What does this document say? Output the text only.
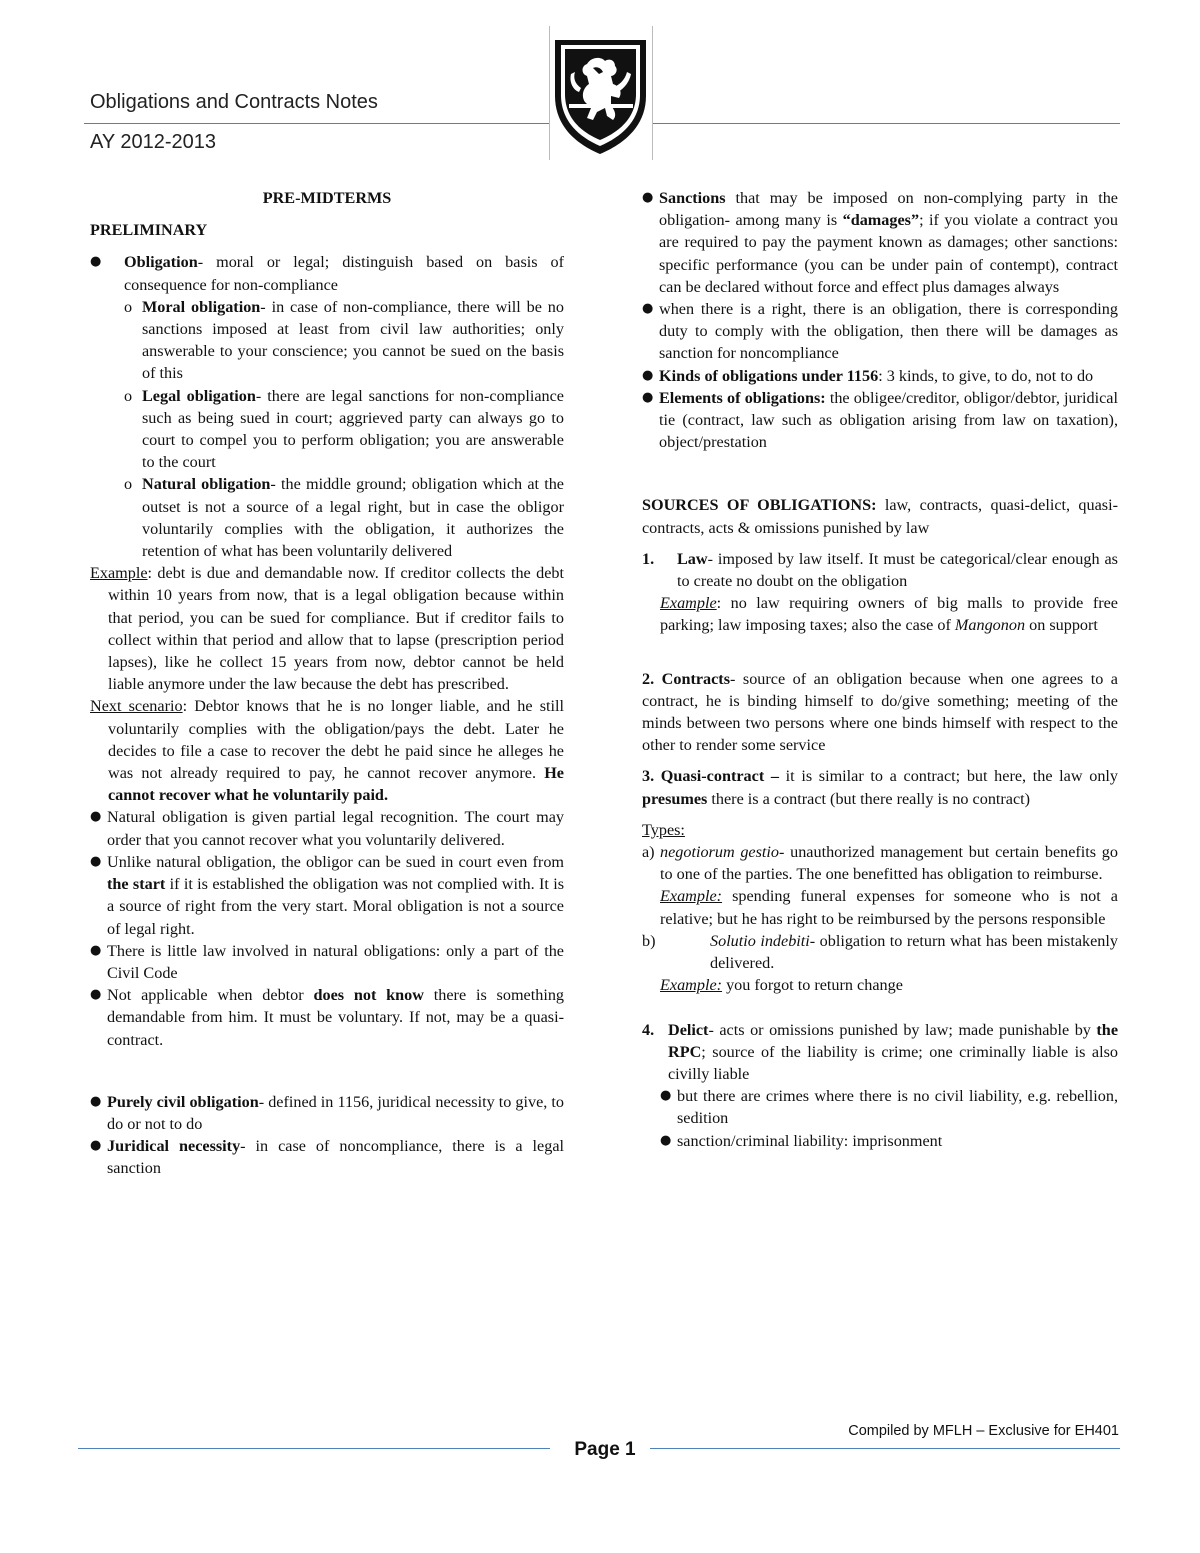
Obligations and Contracts Notes
AY 2012-2013

PRE-MIDTERMS

PRELIMINARY

●	Obligation- moral or legal; distinguish based on basis of consequence for non-compliance
o Moral obligation- in case of non-compliance, there will be no sanctions imposed at least from civil law authorities; only answerable to your conscience; you cannot be sued on the basis of this
o Legal obligation- there are legal sanctions for non-compliance such as being sued in court; aggrieved party can always go to court to compel you to perform obligation; you are answerable to the court
o Natural obligation- the middle ground; obligation which at the outset is not a source of a legal right, but in case the obligor voluntarily complies with the obligation, it authorizes the retention of what has been voluntarily delivered

Example: debt is due and demandable now. If creditor collects the debt within 10 years from now, that is a legal obligation because within that period, you can be sued for compliance. But if creditor fails to collect within that period and allow that to lapse (prescription period lapses), like he collect 15 years from now, debtor cannot be held liable anymore under the law because the debt has prescribed.

Next scenario: Debtor knows that he is no longer liable, and he still voluntarily complies with the obligation/pays the debt. Later he decides to file a case to recover the debt he paid since he alleges he was not already required to pay, he cannot recover anymore. He cannot recover what he voluntarily paid.

● Natural obligation is given partial legal recognition. The court may order that you cannot recover what you voluntarily delivered.
● Unlike natural obligation, the obligor can be sued in court even from the start if it is established the obligation was not complied with. It is a source of right from the very start. Moral obligation is not a source of legal right.
● There is little law involved in natural obligations: only a part of the Civil Code
● Not applicable when debtor does not know there is something demandable from him. It must be voluntary. If not, may be a quasi-contract.
● Purely civil obligation- defined in 1156, juridical necessity to give, to do or not to do
● Juridical necessity- in case of noncompliance, there is a legal sanction
● Sanctions that may be imposed on non-complying party in the obligation- among many is “damages”; if you violate a contract you are required to pay the payment known as damages; other sanctions: specific performance (you can be under pain of contempt), contract can be declared without force and effect plus damages always
● when there is a right, there is an obligation, there is corresponding duty to comply with the obligation, then there will be damages as sanction for noncompliance
● Kinds of obligations under 1156: 3 kinds, to give, to do, not to do
● Elements of obligations: the obligee/creditor, obligor/debtor, juridical tie (contract, law such as obligation arising from law on taxation), object/prestation

SOURCES OF OBLIGATIONS: law, contracts, quasi-delict, quasi-contracts, acts & omissions punished by law

1.	Law- imposed by law itself. It must be categorical/clear enough as to create no doubt on the obligation

Example: no law requiring owners of big malls to provide free parking; law imposing taxes; also the case of Mangonon on support

2. Contracts- source of an obligation because when one agrees to a contract, he is binding himself to do/give something; meeting of the minds between two persons where one binds himself with respect to the other to render some service

3. Quasi-contract – it is similar to a contract; but here, the law only presumes there is a contract (but there really is no contract)

Types:

a) negotiorum gestio- unauthorized management but certain benefits go to one of the parties. The one benefitted has obligation to reimburse.

Example: spending funeral expenses for someone who is not a relative; but he has right to be reimbursed by the persons responsible

b)	Solutio indebiti- obligation to return what has been mistakenly delivered.

Example: you forgot to return change

4. Delict- acts or omissions punished by law; made punishable by the RPC; source of the liability is crime; one criminally liable is also civilly liable
● but there are crimes where there is no civil liability, e.g. rebellion, sedition
● sanction/criminal liability: imprisonment
Compiled by MFLH – Exclusive for EH401
Page 1
